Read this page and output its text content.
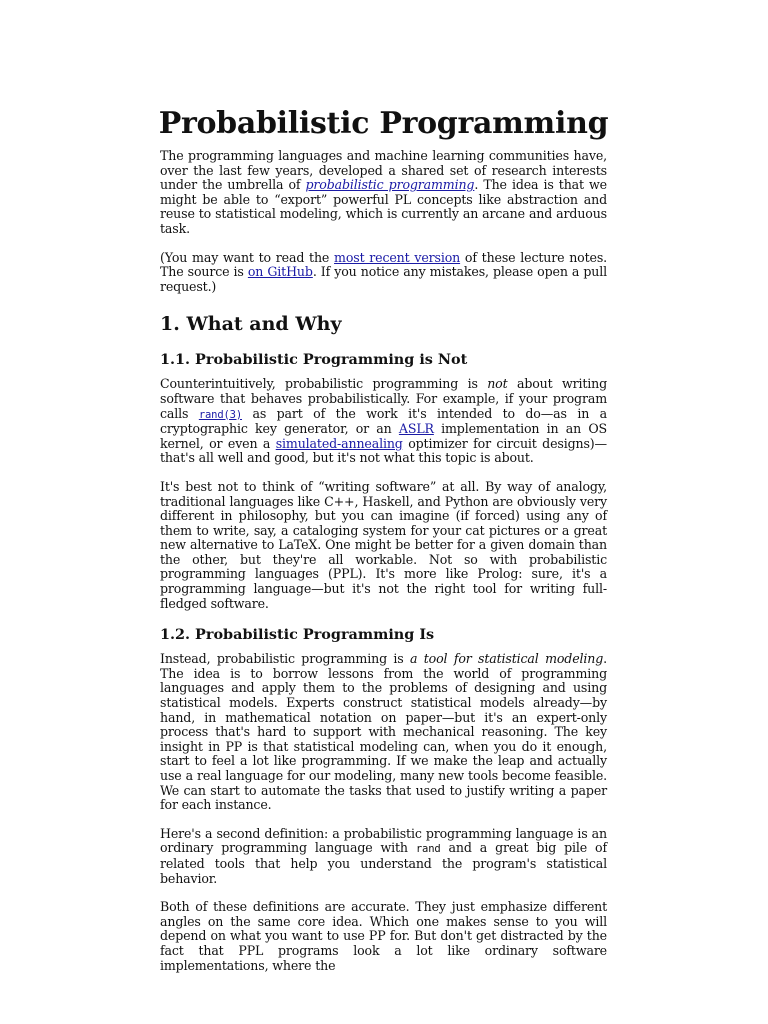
Probabilistic Programming

The programming languages and machine learning communities have, over the last few years, developed a shared set of research interests under the umbrella of probabilistic programming. The idea is that we might be able to “export” powerful PL concepts like abstraction and reuse to statistical modeling, which is currently an arcane and arduous task.

(You may want to read the most recent version of these lecture notes. The source is on GitHub. If you notice any mistakes, please open a pull request.)

1. What and Why
1.1. Probabilistic Programming is Not

Counterintuitively, probabilistic programming is not about writing software that behaves probabilistically. For example, if your program calls rand(3) as part of the work it's intended to do—as in a cryptographic key generator, or an ASLR implementation in an OS kernel, or even a simulated-annealing optimizer for circuit designs)—that's all well and good, but it's not what this topic is about.

It's best not to think of “writing software” at all. By way of analogy, traditional languages like C++, Haskell, and Python are obviously very different in philosophy, but you can imagine (if forced) using any of them to write, say, a cataloging system for your cat pictures or a great new alternative to LaTeX. One might be better for a given domain than the other, but they're all workable. Not so with probabilistic programming languages (PPL). It's more like Prolog: sure, it's a programming language—but it's not the right tool for writing full-fledged software.

1.2. Probabilistic Programming Is

Instead, probabilistic programming is a tool for statistical modeling. The idea is to borrow lessons from the world of programming languages and apply them to the problems of designing and using statistical models. Experts construct statistical models already—by hand, in mathematical notation on paper—but it's an expert-only process that's hard to support with mechanical reasoning. The key insight in PP is that statistical modeling can, when you do it enough, start to feel a lot like programming. If we make the leap and actually use a real language for our modeling, many new tools become feasible. We can start to automate the tasks that used to justify writing a paper for each instance.

Here's a second definition: a probabilistic programming language is an ordinary programming language with rand and a great big pile of related tools that help you understand the program's statistical behavior.

Both of these definitions are accurate. They just emphasize different angles on the same core idea. Which one makes sense to you will depend on what you want to use PP for. But don't get distracted by the fact that PPL programs look a lot like ordinary software implementations, where the
